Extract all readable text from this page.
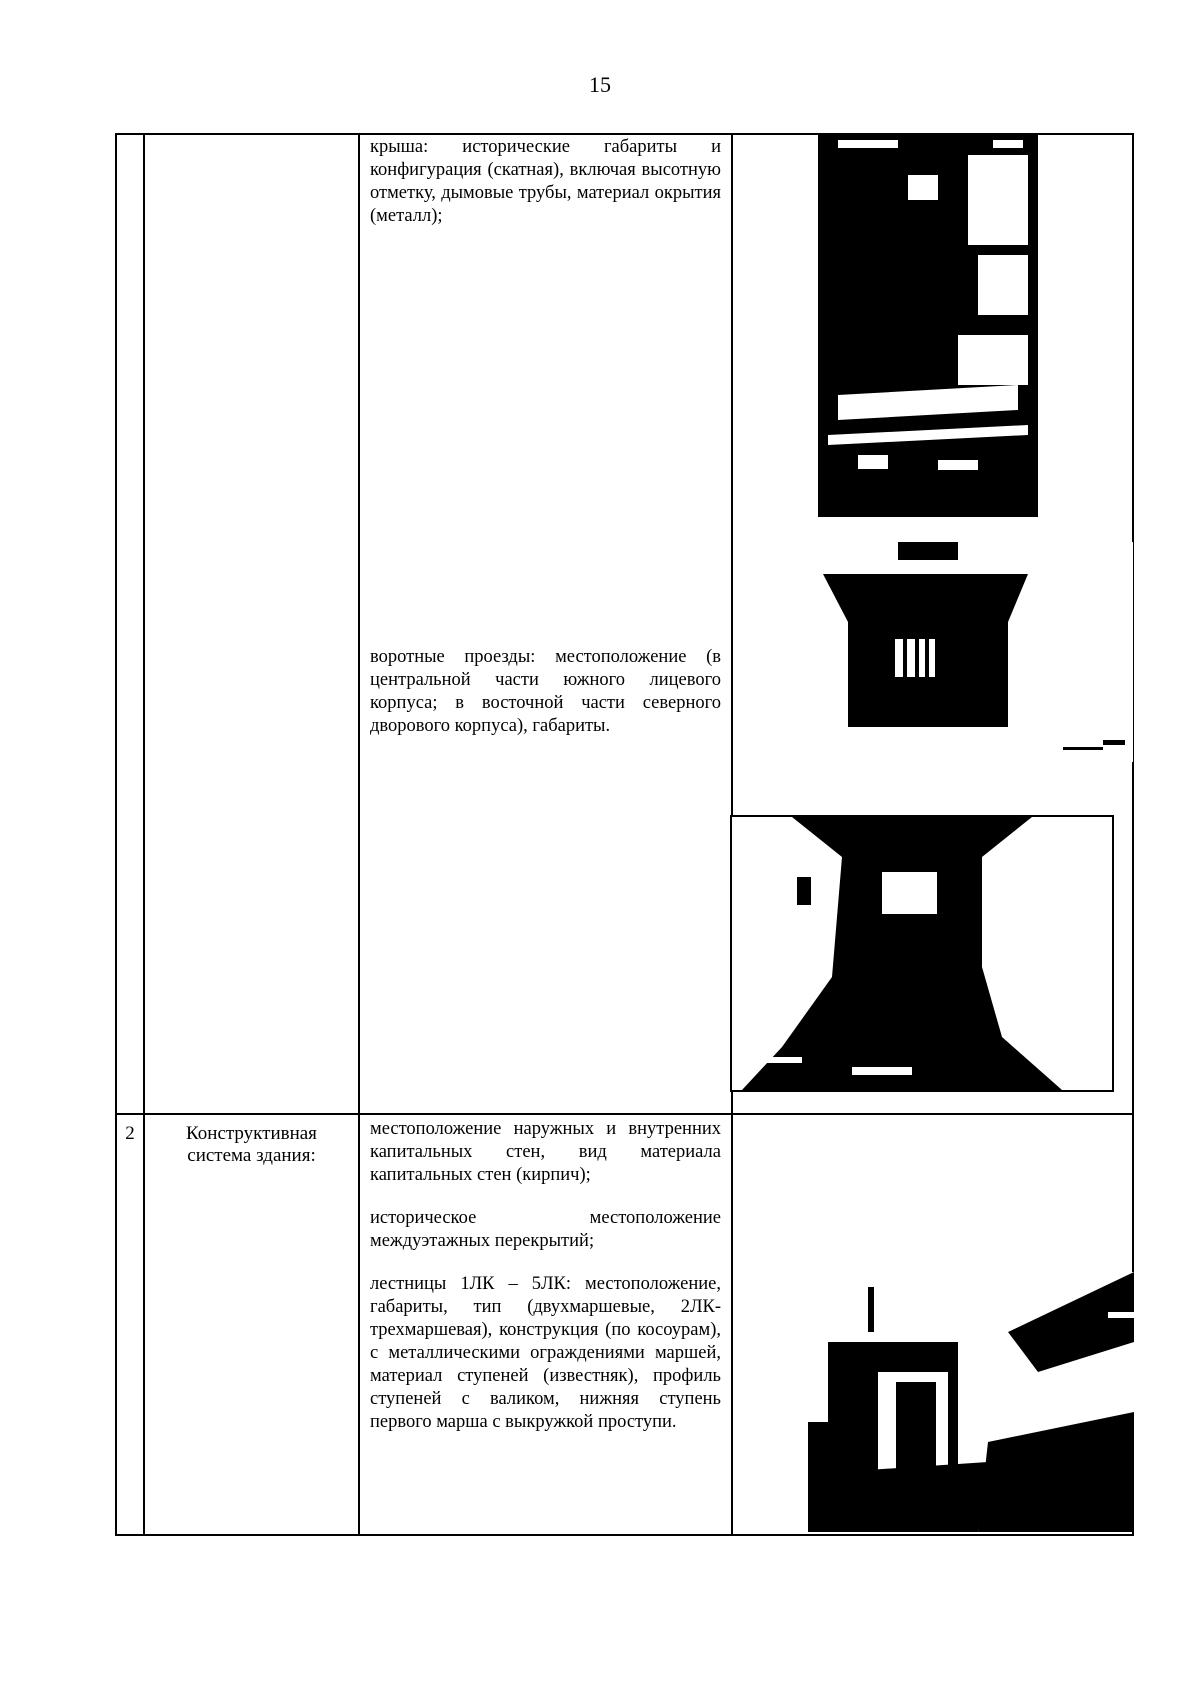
15

		крыша: исторические габариты и конфигурация (скатная), включая высотную отметку, дымовые трубы, материал окрытия (металл);
воротные проезды: местоположение (в центральной части южного лицевого корпуса; в восточной части северного дворового корпуса), габариты.

2	Конструктивная система здания:	местоположение наружных и внутренних капитальных стен, вид материала капитальных стен (кирпич);
историческое местоположение междуэтажных перекрытий;
лестницы 1ЛК – 5ЛК: местоположение, габариты, тип (двухмаршевые, 2ЛК-трехмаршевая), конструкция (по косоурам), с металлическими ограждениями маршей, материал ступеней (известняк), профиль ступеней с валиком, нижняя ступень первого марша с выкружкой проступи.
